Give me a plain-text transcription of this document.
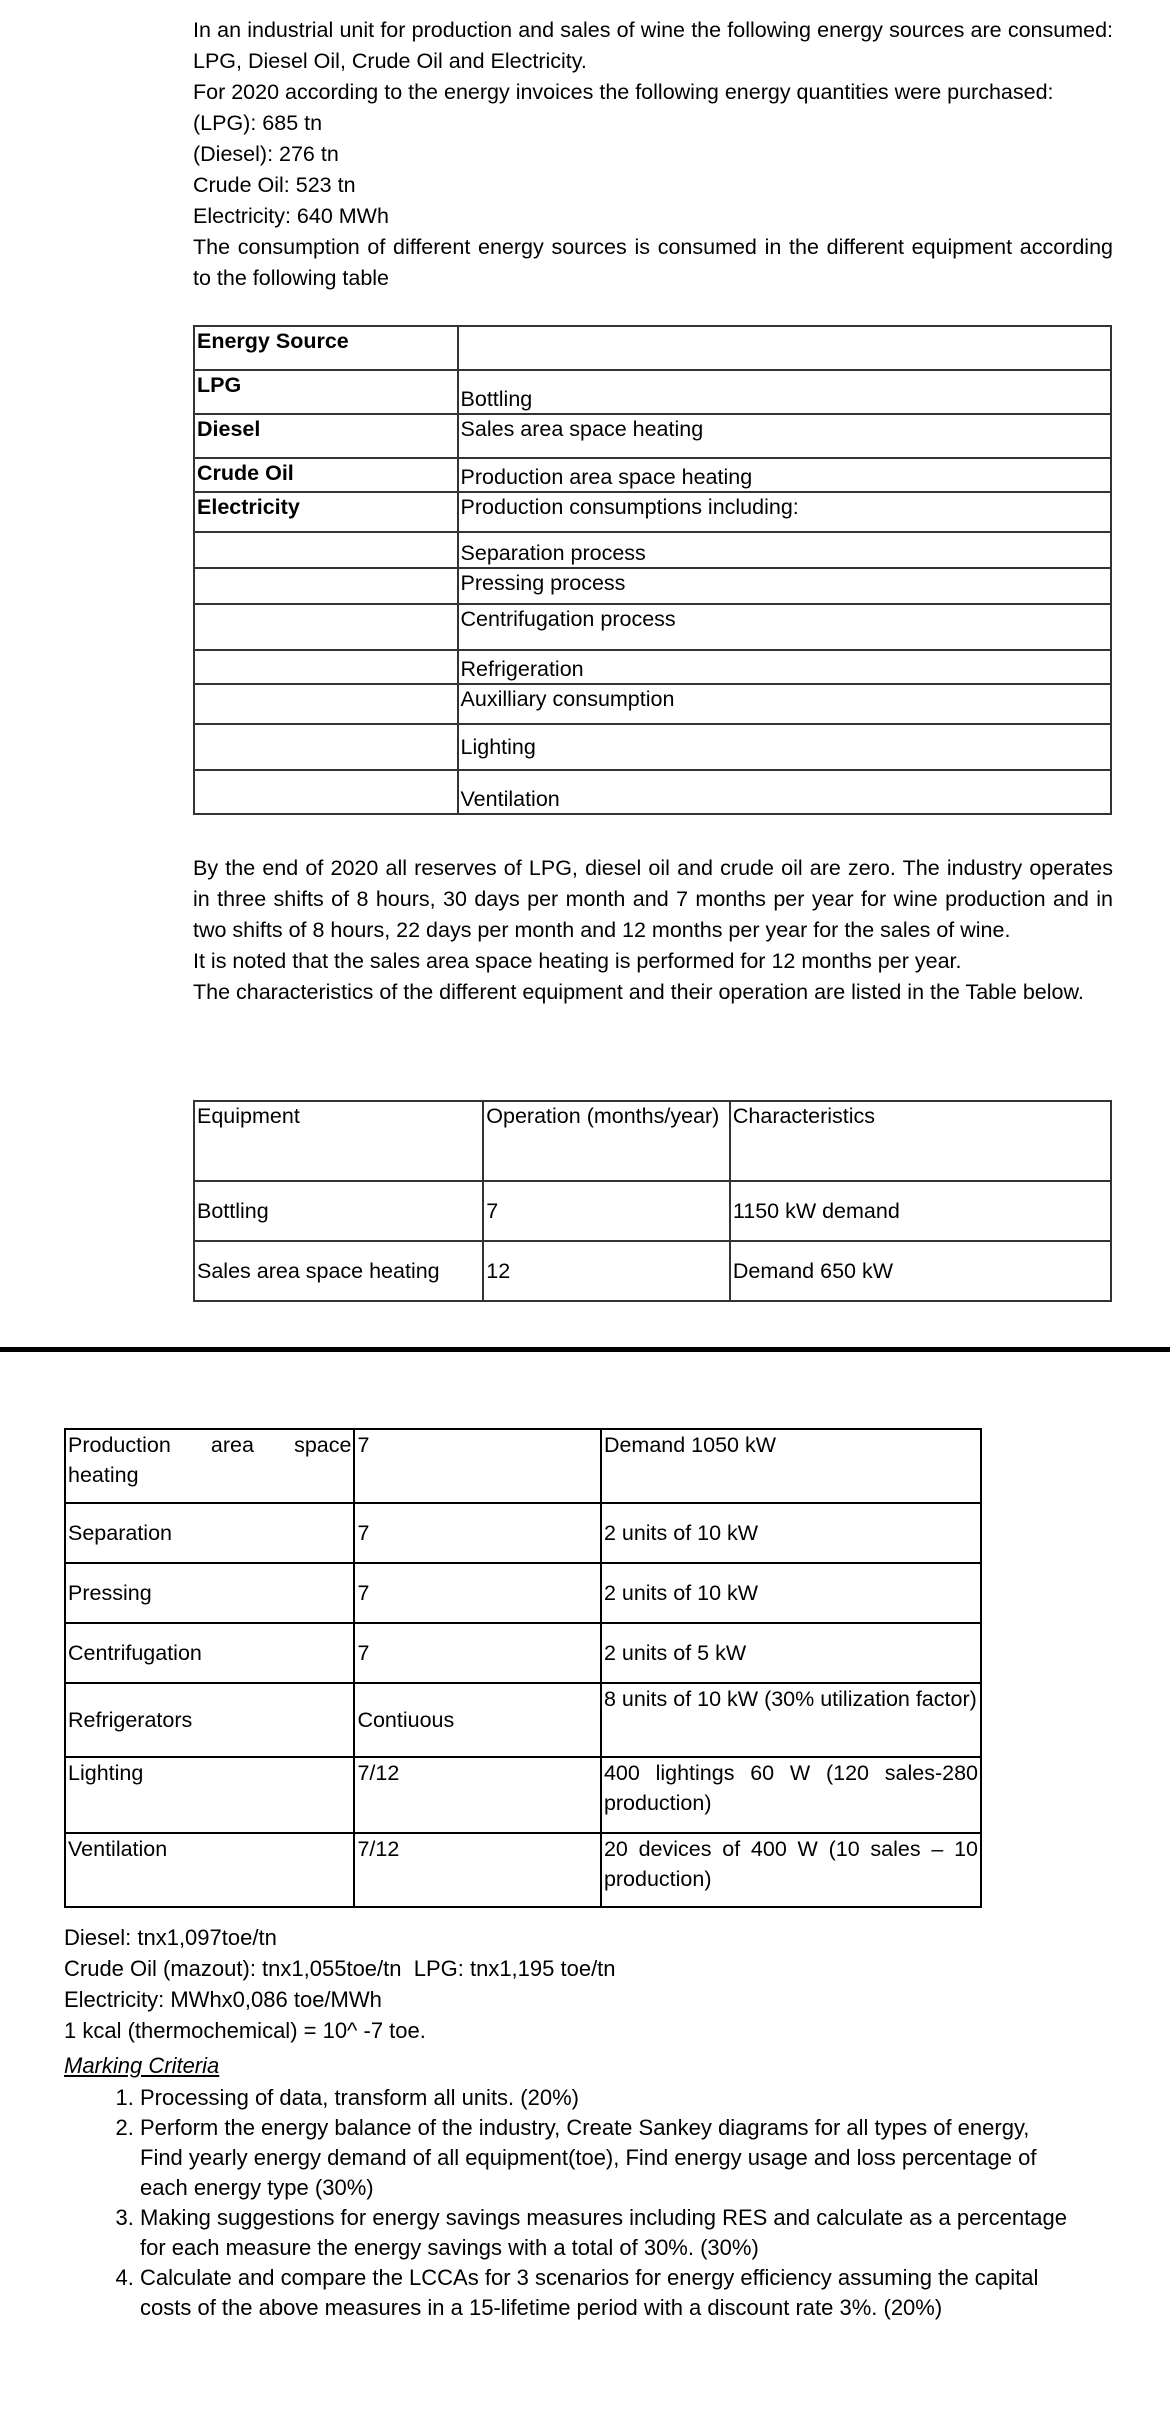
In an industrial unit for production and sales of wine the following energy sources are consumed: LPG, Diesel Oil, Crude Oil and Electricity.

For 2020 according to the energy invoices the following energy quantities were purchased:

(LPG): 685 tn

(Diesel): 276 tn

Crude Oil: 523 tn

Electricity: 640 MWh

The consumption of different energy sources is consumed in the different equipment according to the following table

Energy Source	
LPG	Bottling
Diesel	Sales area space heating
Crude Oil	Production area space heating
Electricity	Production consumptions including:
	Separation process
	Pressing process
	Centrifugation process
	Refrigeration
	Auxilliary consumption
	Lighting
	Ventilation

By the end of 2020 all reserves of LPG, diesel oil and crude oil are zero. The industry operates in three shifts of 8 hours, 30 days per month and 7 months per year for wine production and in two shifts of 8 hours, 22 days per month and 12 months per year for the sales of wine.

It is noted that the sales area space heating is performed for 12 months per year.

The characteristics of the different equipment and their operation are listed in the Table below.

Equipment	Operation (months/year)	Characteristics
Bottling	7	1150 kW demand
Sales area space heating	12	Demand 650 kW
Production area space heating	7	Demand 1050 kW
Separation	7	2 units of 10 kW
Pressing	7	2 units of 10 kW
Centrifugation	7	2 units of 5 kW
Refrigerators	Contiuous	8 units of 10 kW (30% utilization factor)
Lighting	7/12	400 lightings 60 W (120 sales-280 production)
Ventilation	7/12	20 devices of 400 W (10 sales – 10 production)
Diesel: tnx1,097toe/tn
Crude Oil (mazout): tnx1,055toe/tn  LPG: tnx1,195 toe/tn
Electricity: MWhx0,086 toe/MWh
1 kcal (thermochemical) = 10^ -7 toe.
Marking Criteria
1. Processing of data, transform all units. (20%)
2. Perform the energy balance of the industry, Create Sankey diagrams for all types of energy, Find yearly energy demand of all equipment(toe), Find energy usage and loss percentage of each energy type (30%)
3. Making suggestions for energy savings measures including RES and calculate as a percentage for each measure the energy savings with a total of 30%. (30%)
4. Calculate and compare the LCCAs for 3 scenarios for energy efficiency assuming the capital costs of the above measures in a 15-lifetime period with a discount rate 3%. (20%)
